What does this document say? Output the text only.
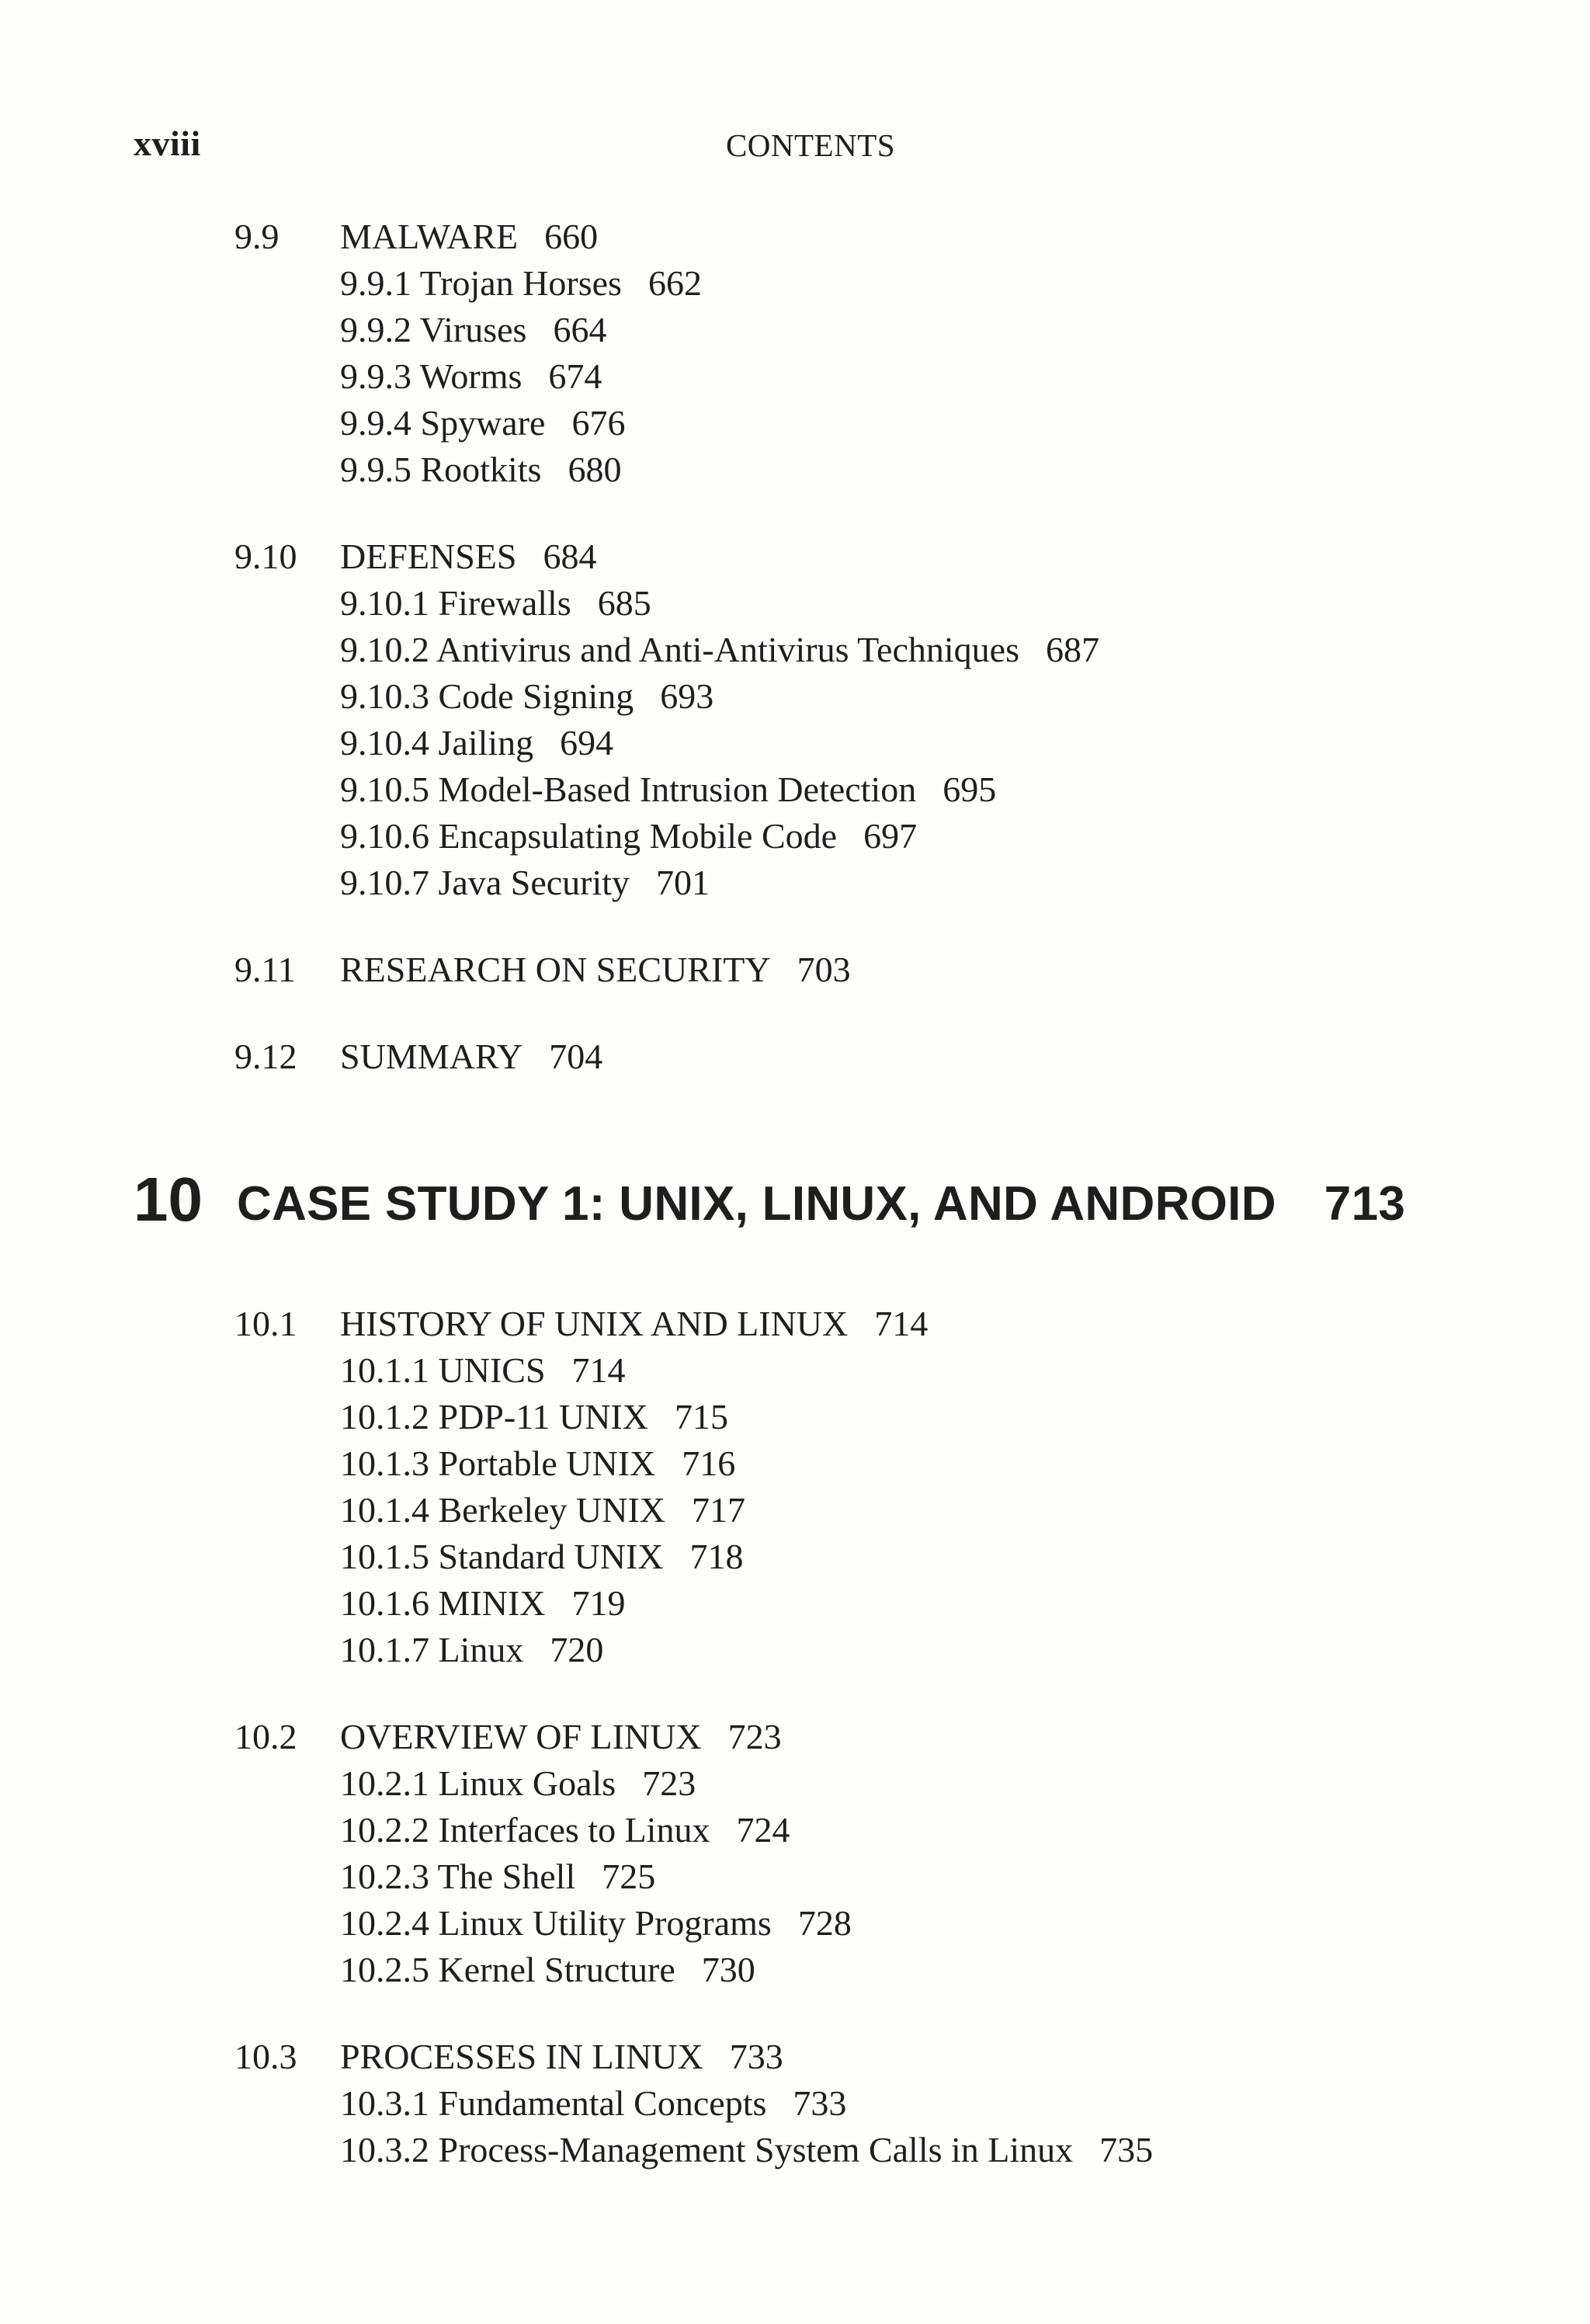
xviii	CONTENTS
9.9 MALWARE 660
9.9.1 Trojan Horses 662
9.9.2 Viruses 664
9.9.3 Worms 674
9.9.4 Spyware 676
9.9.5 Rootkits 680
9.10 DEFENSES 684
9.10.1 Firewalls 685
9.10.2 Antivirus and Anti-Antivirus Techniques 687
9.10.3 Code Signing 693
9.10.4 Jailing 694
9.10.5 Model-Based Intrusion Detection 695
9.10.6 Encapsulating Mobile Code 697
9.10.7 Java Security 701
9.11 RESEARCH ON SECURITY 703
9.12 SUMMARY 704
10 CASE STUDY 1: UNIX, LINUX, AND ANDROID 713
10.1 HISTORY OF UNIX AND LINUX 714
10.1.1 UNICS 714
10.1.2 PDP-11 UNIX 715
10.1.3 Portable UNIX 716
10.1.4 Berkeley UNIX 717
10.1.5 Standard UNIX 718
10.1.6 MINIX 719
10.1.7 Linux 720
10.2 OVERVIEW OF LINUX 723
10.2.1 Linux Goals 723
10.2.2 Interfaces to Linux 724
10.2.3 The Shell 725
10.2.4 Linux Utility Programs 728
10.2.5 Kernel Structure 730
10.3 PROCESSES IN LINUX 733
10.3.1 Fundamental Concepts 733
10.3.2 Process-Management System Calls in Linux 735
